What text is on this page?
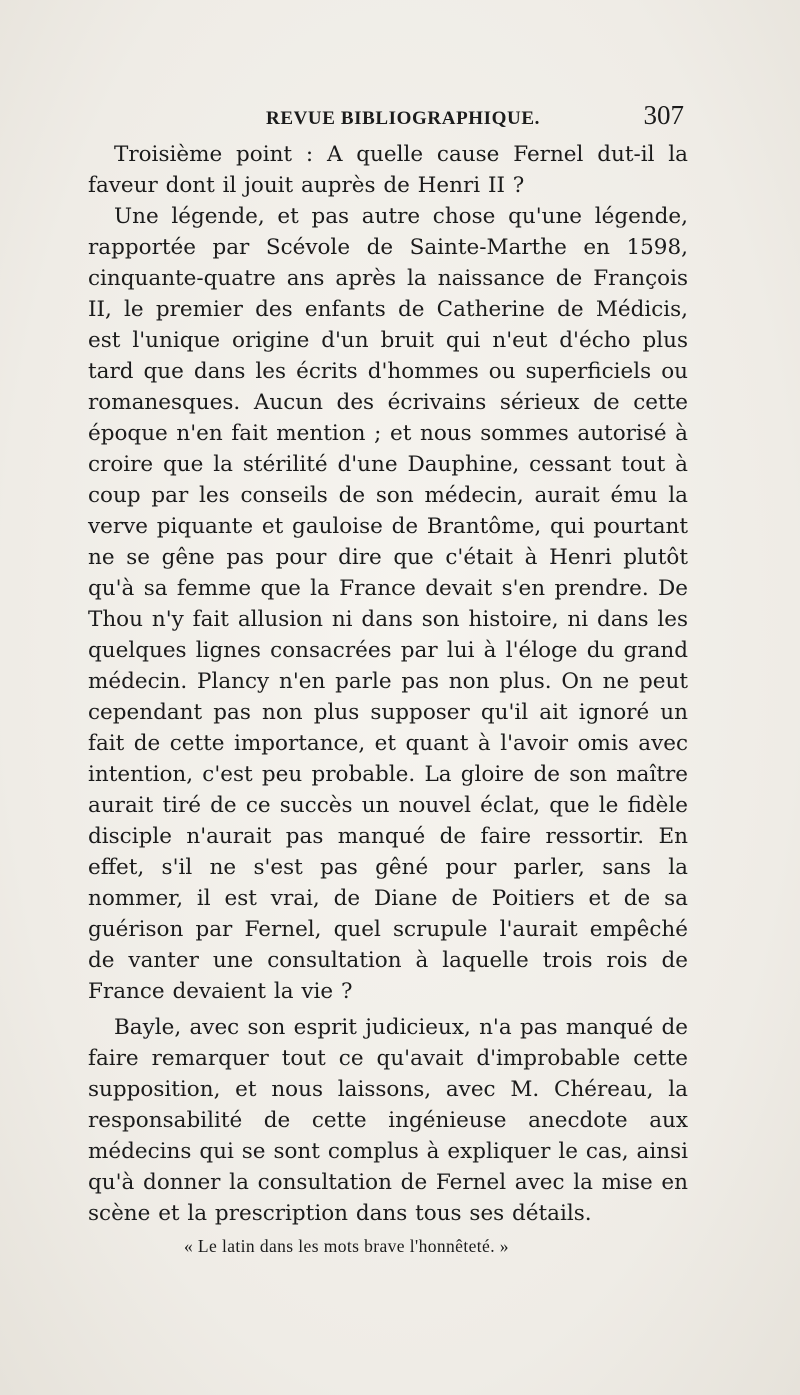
REVUE BIBLIOGRAPHIQUE.	307

Troisième point : A quelle cause Fernel dut-il la faveur dont il jouit auprès de Henri II ?

Une légende, et pas autre chose qu'une légende, rapportée par Scévole de Sainte-Marthe en 1598, cinquante-quatre ans après la naissance de François II, le premier des enfants de Catherine de Médicis, est l'unique origine d'un bruit qui n'eut d'écho plus tard que dans les écrits d'hommes ou superficiels ou romanesques. Aucun des écrivains sérieux de cette époque n'en fait mention ; et nous sommes autorisé à croire que la stérilité d'une Dauphine, cessant tout à coup par les conseils de son médecin, aurait ému la verve piquante et gauloise de Brantôme, qui pourtant ne se gêne pas pour dire que c'était à Henri plutôt qu'à sa femme que la France devait s'en prendre. De Thou n'y fait allusion ni dans son histoire, ni dans les quelques lignes consacrées par lui à l'éloge du grand médecin. Plancy n'en parle pas non plus. On ne peut cependant pas non plus supposer qu'il ait ignoré un fait de cette importance, et quant à l'avoir omis avec intention, c'est peu probable. La gloire de son maître aurait tiré de ce succès un nouvel éclat, que le fidèle disciple n'aurait pas manqué de faire ressortir. En effet, s'il ne s'est pas gêné pour parler, sans la nommer, il est vrai, de Diane de Poitiers et de sa guérison par Fernel, quel scrupule l'aurait empêché de vanter une consultation à laquelle trois rois de France devaient la vie ?

Bayle, avec son esprit judicieux, n'a pas manqué de faire remarquer tout ce qu'avait d'improbable cette supposition, et nous laissons, avec M. Chéreau, la responsabilité de cette ingénieuse anecdote aux médecins qui se sont complus à expliquer le cas, ainsi qu'à donner la consultation de Fernel avec la mise en scène et la prescription dans tous ses détails.

« Le latin dans les mots brave l'honnêteté. »
